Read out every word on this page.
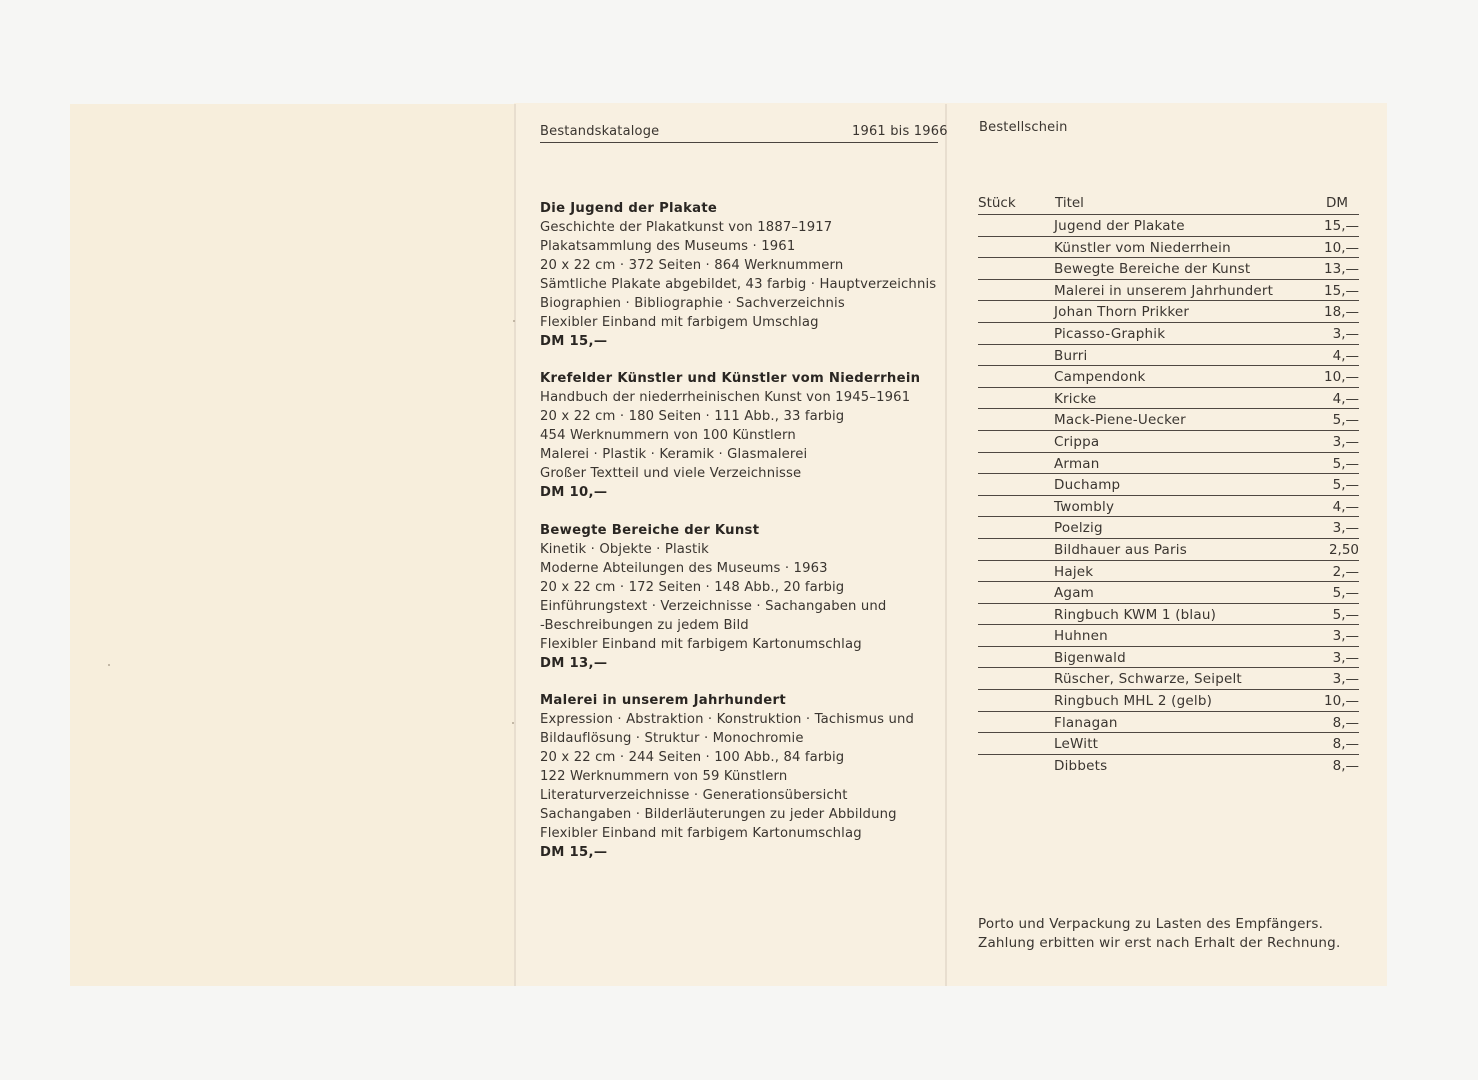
Bestandskataloge	1961 bis 1966
Die Jugend der Plakate
Geschichte der Plakatkunst von 1887–1917
Plakatsammlung des Museums · 1961
20 x 22 cm · 372 Seiten · 864 Werknummern
Sämtliche Plakate abgebildet, 43 farbig · Hauptverzeichnis
Biographien · Bibliographie · Sachverzeichnis
Flexibler Einband mit farbigem Umschlag
DM 15,—
Krefelder Künstler und Künstler vom Niederrhein
Handbuch der niederrheinischen Kunst von 1945–1961
20 x 22 cm · 180 Seiten · 111 Abb., 33 farbig
454 Werknummern von 100 Künstlern
Malerei · Plastik · Keramik · Glasmalerei
Großer Textteil und viele Verzeichnisse
DM 10,—
Bewegte Bereiche der Kunst
Kinetik · Objekte · Plastik
Moderne Abteilungen des Museums · 1963
20 x 22 cm · 172 Seiten · 148 Abb., 20 farbig
Einführungstext · Verzeichnisse · Sachangaben und
-Beschreibungen zu jedem Bild
Flexibler Einband mit farbigem Kartonumschlag
DM 13,—
Malerei in unserem Jahrhundert
Expression · Abstraktion · Konstruktion · Tachismus und
Bildauflösung · Struktur · Monochromie
20 x 22 cm · 244 Seiten · 100 Abb., 84 farbig
122 Werknummern von 59 Künstlern
Literaturverzeichnisse · Generationsübersicht
Sachangaben · Bilderläuterungen zu jeder Abbildung
Flexibler Einband mit farbigem Kartonumschlag
DM 15,—
Bestellschein
Stück	Titel	DM
Jugend der Plakate	15,—
Künstler vom Niederrhein	10,—
Bewegte Bereiche der Kunst	13,—
Malerei in unserem Jahrhundert	15,—
Johan Thorn Prikker	18,—
Picasso-Graphik	3,—
Burri	4,—
Campendonk	10,—
Kricke	4,—
Mack-Piene-Uecker	5,—
Crippa	3,—
Arman	5,—
Duchamp	5,—
Twombly	4,—
Poelzig	3,—
Bildhauer aus Paris	2,50
Hajek	2,—
Agam	5,—
Ringbuch KWM 1 (blau)	5,—
Huhnen	3,—
Bigenwald	3,—
Rüscher, Schwarze, Seipelt	3,—
Ringbuch MHL 2 (gelb)	10,—
Flanagan	8,—
LeWitt	8,—
Dibbets	8,—
Porto und Verpackung zu Lasten des Empfängers.
Zahlung erbitten wir erst nach Erhalt der Rechnung.
